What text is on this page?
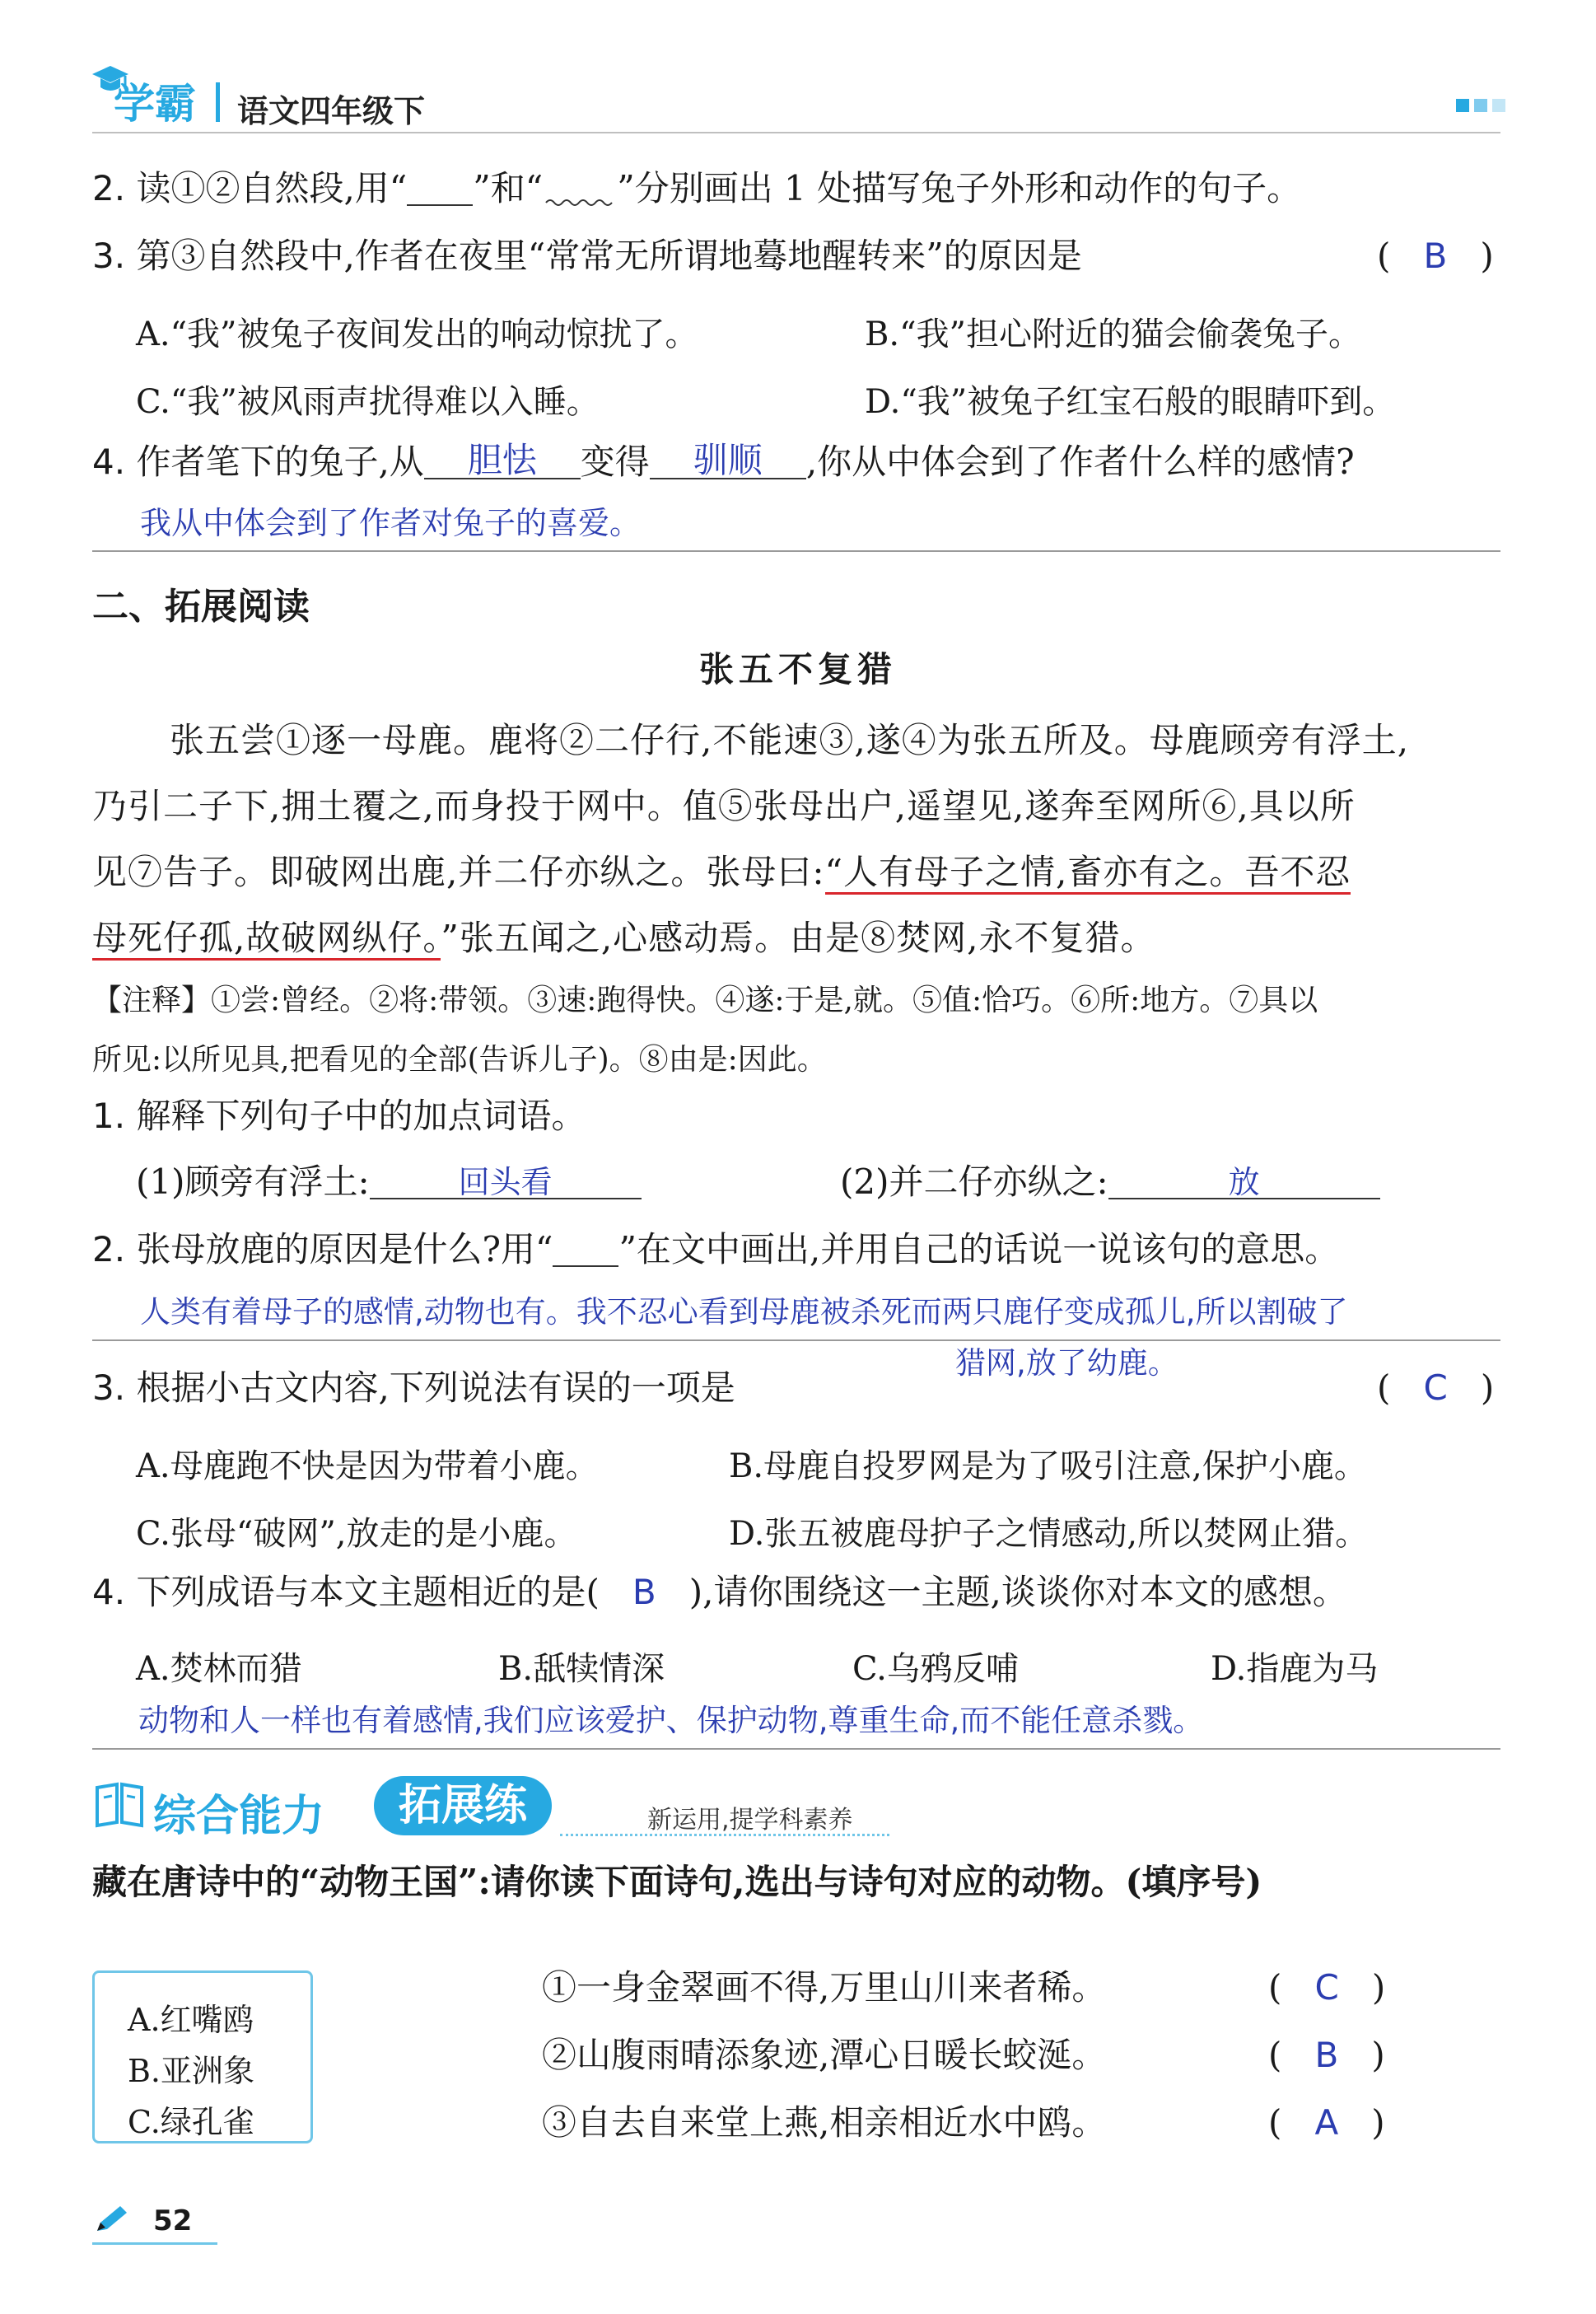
学霸 语文四年级下
2. 读①②自然段,用“ ”和“ ”分别画出 1 处描写兔子外形和动作的句子。
3. 第③自然段中,作者在夜里“常常无所谓地蓦地醒转来”的原因是	(   B   )
A.“我”被兔子夜间发出的响动惊扰了。	B.“我”担心附近的猫会偷袭兔子。
C.“我”被风雨声扰得难以入睡。	D.“我”被兔子红宝石般的眼睛吓到。
4. 作者笔下的兔子,从 胆怯 变得 驯顺 ,你从中体会到了作者什么样的感情?
我从中体会到了作者对兔子的喜爱。
二、拓展阅读
张五不复猎
张五尝①逐一母鹿。鹿将②二仔行,不能速③,遂④为张五所及。母鹿顾旁有浮土,
乃引二子下,拥土覆之,而身投于网中。值⑤张母出户,遥望见,遂奔至网所⑥,具以所
见⑦告子。即破网出鹿,并二仔亦纵之。张母曰:“人有母子之情,畜亦有之。吾不忍
母死仔孤,故破网纵仔。”张五闻之,心感动焉。由是⑧焚网,永不复猎。
【注释】①尝:曾经。②将:带领。③速:跑得快。④遂:于是,就。⑤值:恰巧。⑥所:地方。⑦具以
所见:以所见具,把看见的全部(告诉儿子)。⑧由是:因此。
1. 解释下列句子中的加点词语。
(1)顾旁有浮土:	回头看	(2)并二仔亦纵之:	放
2. 张母放鹿的原因是什么?用“ ”在文中画出,并用自己的话说一说该句的意思。
人类有着母子的感情,动物也有。我不忍心看到母鹿被杀死而两只鹿仔变成孤儿,所以割破了
猎网,放了幼鹿。
3. 根据小古文内容,下列说法有误的一项是	(   C   )
A.母鹿跑不快是因为带着小鹿。	B.母鹿自投罗网是为了吸引注意,保护小鹿。
C.张母“破网”,放走的是小鹿。	D.张五被鹿母护子之情感动,所以焚网止猎。
4. 下列成语与本文主题相近的是( B ),请你围绕这一主题,谈谈你对本文的感想。
A.焚林而猎	B.舐犊情深	C.乌鸦反哺	D.指鹿为马
动物和人一样也有着感情,我们应该爱护、保护动物,尊重生命,而不能任意杀戮。
综合能力	拓展练	新运用,提学科素养
藏在唐诗中的“动物王国”:请你读下面诗句,选出与诗句对应的动物。(填序号)
A.红嘴鸥
B.亚洲象
C.绿孔雀
①一身金翠画不得,万里山川来者稀。	(   C   )
②山腹雨晴添象迹,潭心日暖长蛟涎。	(   B   )
③自去自来堂上燕,相亲相近水中鸥。	(   A   )
52
